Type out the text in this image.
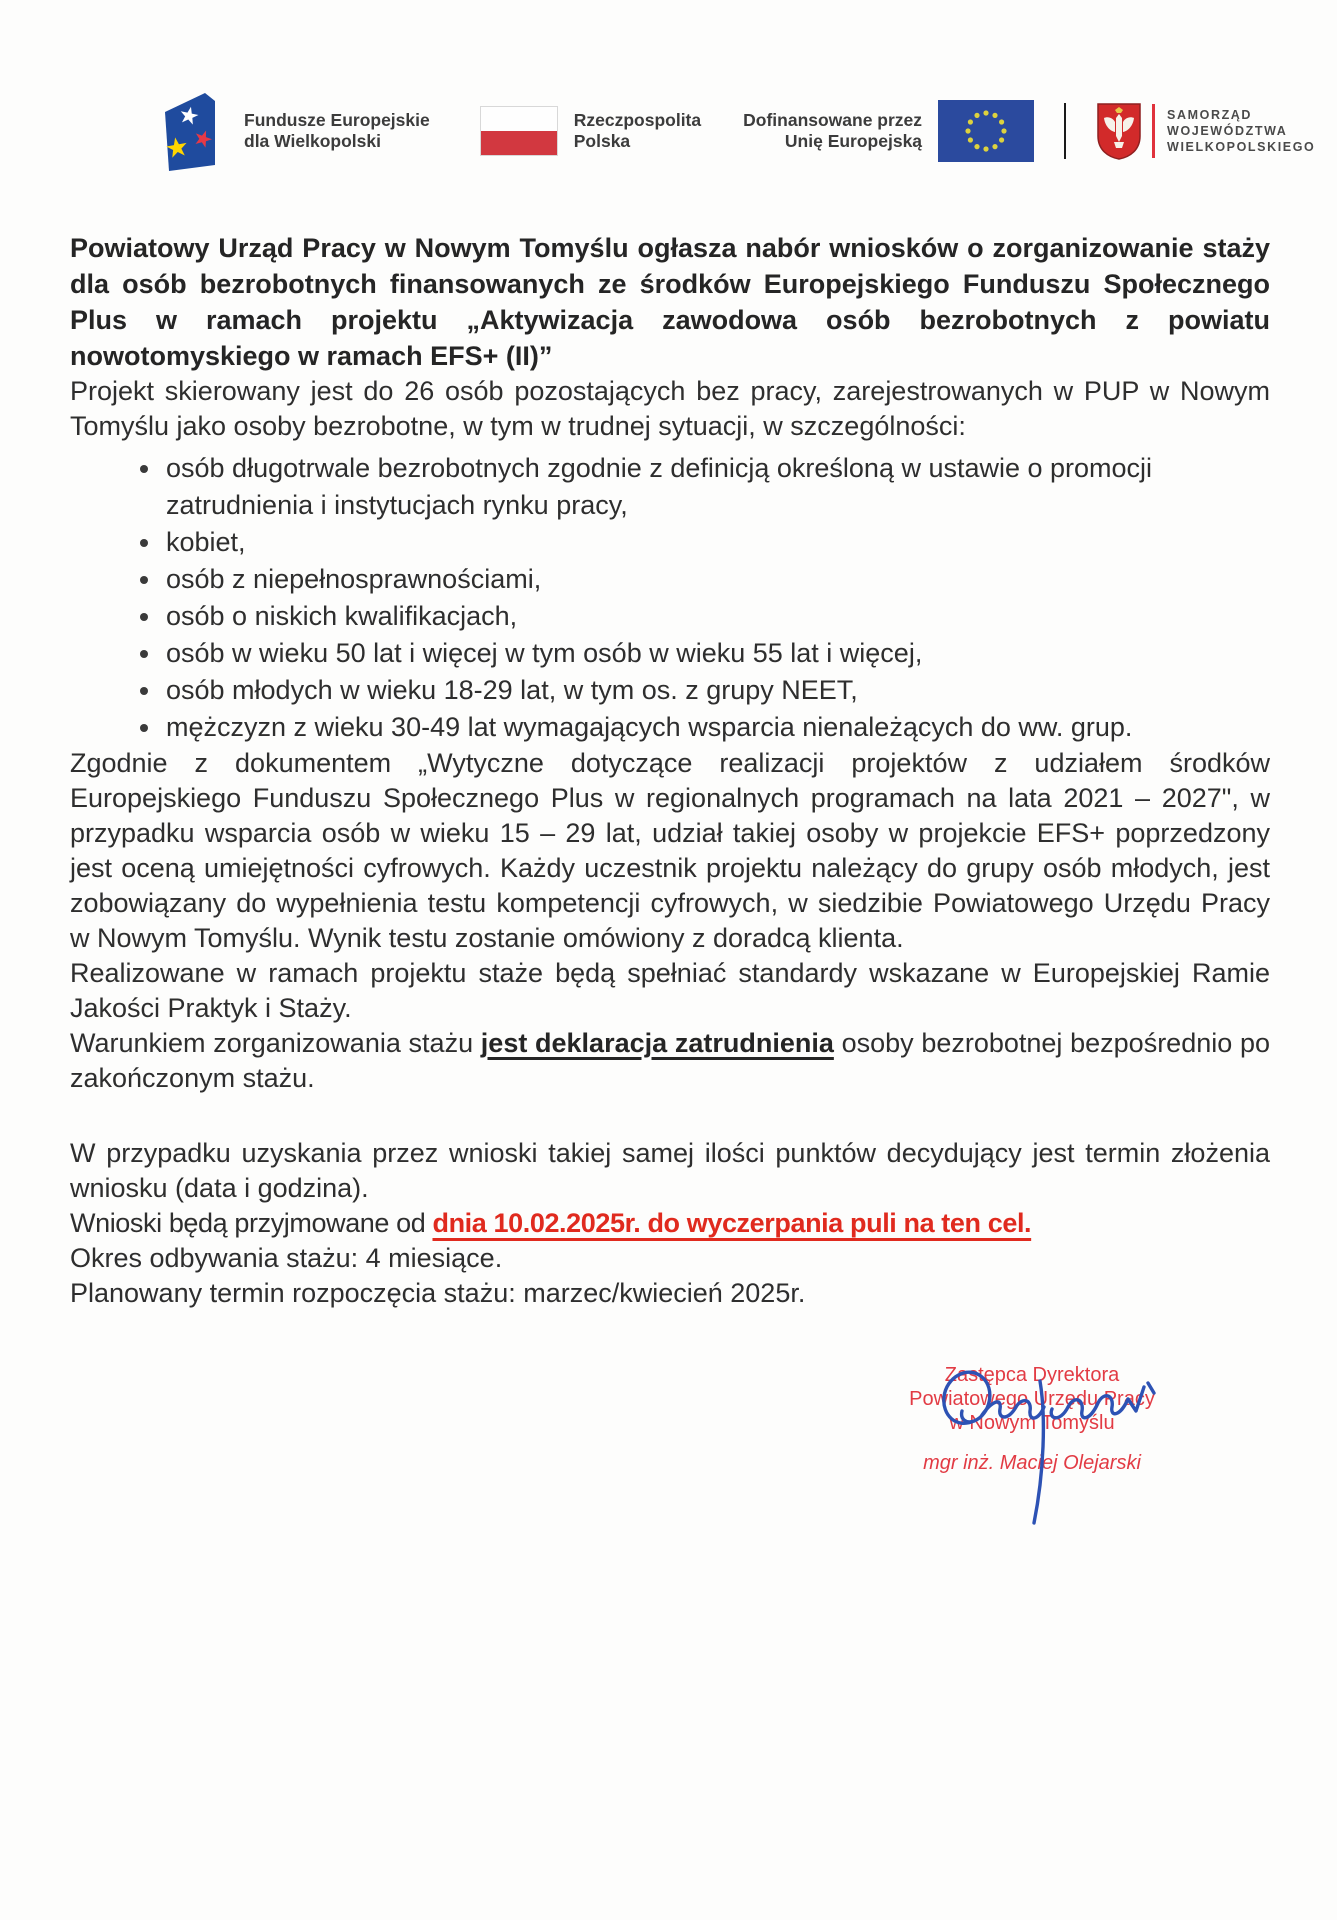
Fundusze Europejskie
dla Wielkopolski
Rzeczpospolita
Polska
Dofinansowane przez
Unię Europejską
SAMORZĄD
WOJEWÓDZTWA
WIELKOPOLSKIEGO

Powiatowy Urząd Pracy w Nowym Tomyślu ogłasza nabór wniosków o zorganizowanie staży dla osób bezrobotnych finansowanych ze środków Europejskiego Funduszu Społecznego Plus w ramach projektu „Aktywizacja zawodowa osób bezrobotnych z powiatu nowotomyskiego w ramach EFS+ (II)”

Projekt skierowany jest do 26 osób pozostających bez pracy, zarejestrowanych w PUP w Nowym Tomyślu jako osoby bezrobotne, w tym w trudnej sytuacji, w szczególności:

osób długotrwale bezrobotnych zgodnie z definicją określoną w ustawie o promocji zatrudnienia i instytucjach rynku pracy,
kobiet,
osób z niepełnosprawnościami,
osób o niskich kwalifikacjach,
osób w wieku 50 lat i więcej w tym osób w wieku 55 lat i więcej,
osób młodych w wieku 18-29 lat, w tym os. z grupy NEET,
mężczyzn z wieku 30-49 lat wymagających wsparcia nienależących do ww. grup.

Zgodnie z dokumentem „Wytyczne dotyczące realizacji projektów z udziałem środków Europejskiego Funduszu Społecznego Plus w regionalnych programach na lata 2021 – 2027", w przypadku wsparcia osób w wieku 15 – 29 lat, udział takiej osoby w projekcie EFS+ poprzedzony jest oceną umiejętności cyfrowych. Każdy uczestnik projektu należący do grupy osób młodych, jest zobowiązany do wypełnienia testu kompetencji cyfrowych, w siedzibie Powiatowego Urzędu Pracy w Nowym Tomyślu. Wynik testu zostanie omówiony z doradcą klienta.

Realizowane w ramach projektu staże będą spełniać standardy wskazane w Europejskiej Ramie Jakości Praktyk i Staży.

Warunkiem zorganizowania stażu jest deklaracja zatrudnienia osoby bezrobotnej bezpośrednio po zakończonym stażu.

W przypadku uzyskania przez wnioski takiej samej ilości punktów decydujący jest termin złożenia wniosku (data i godzina).

Wnioski będą przyjmowane od dnia 10.02.2025r. do wyczerpania puli na ten cel.

Okres odbywania stażu: 4 miesiące.

Planowany termin rozpoczęcia stażu: marzec/kwiecień 2025r.

Zastępca Dyrektora
Powiatowego Urzędu Pracy
w Nowym Tomyślu
mgr inż. Maciej Olejarski
